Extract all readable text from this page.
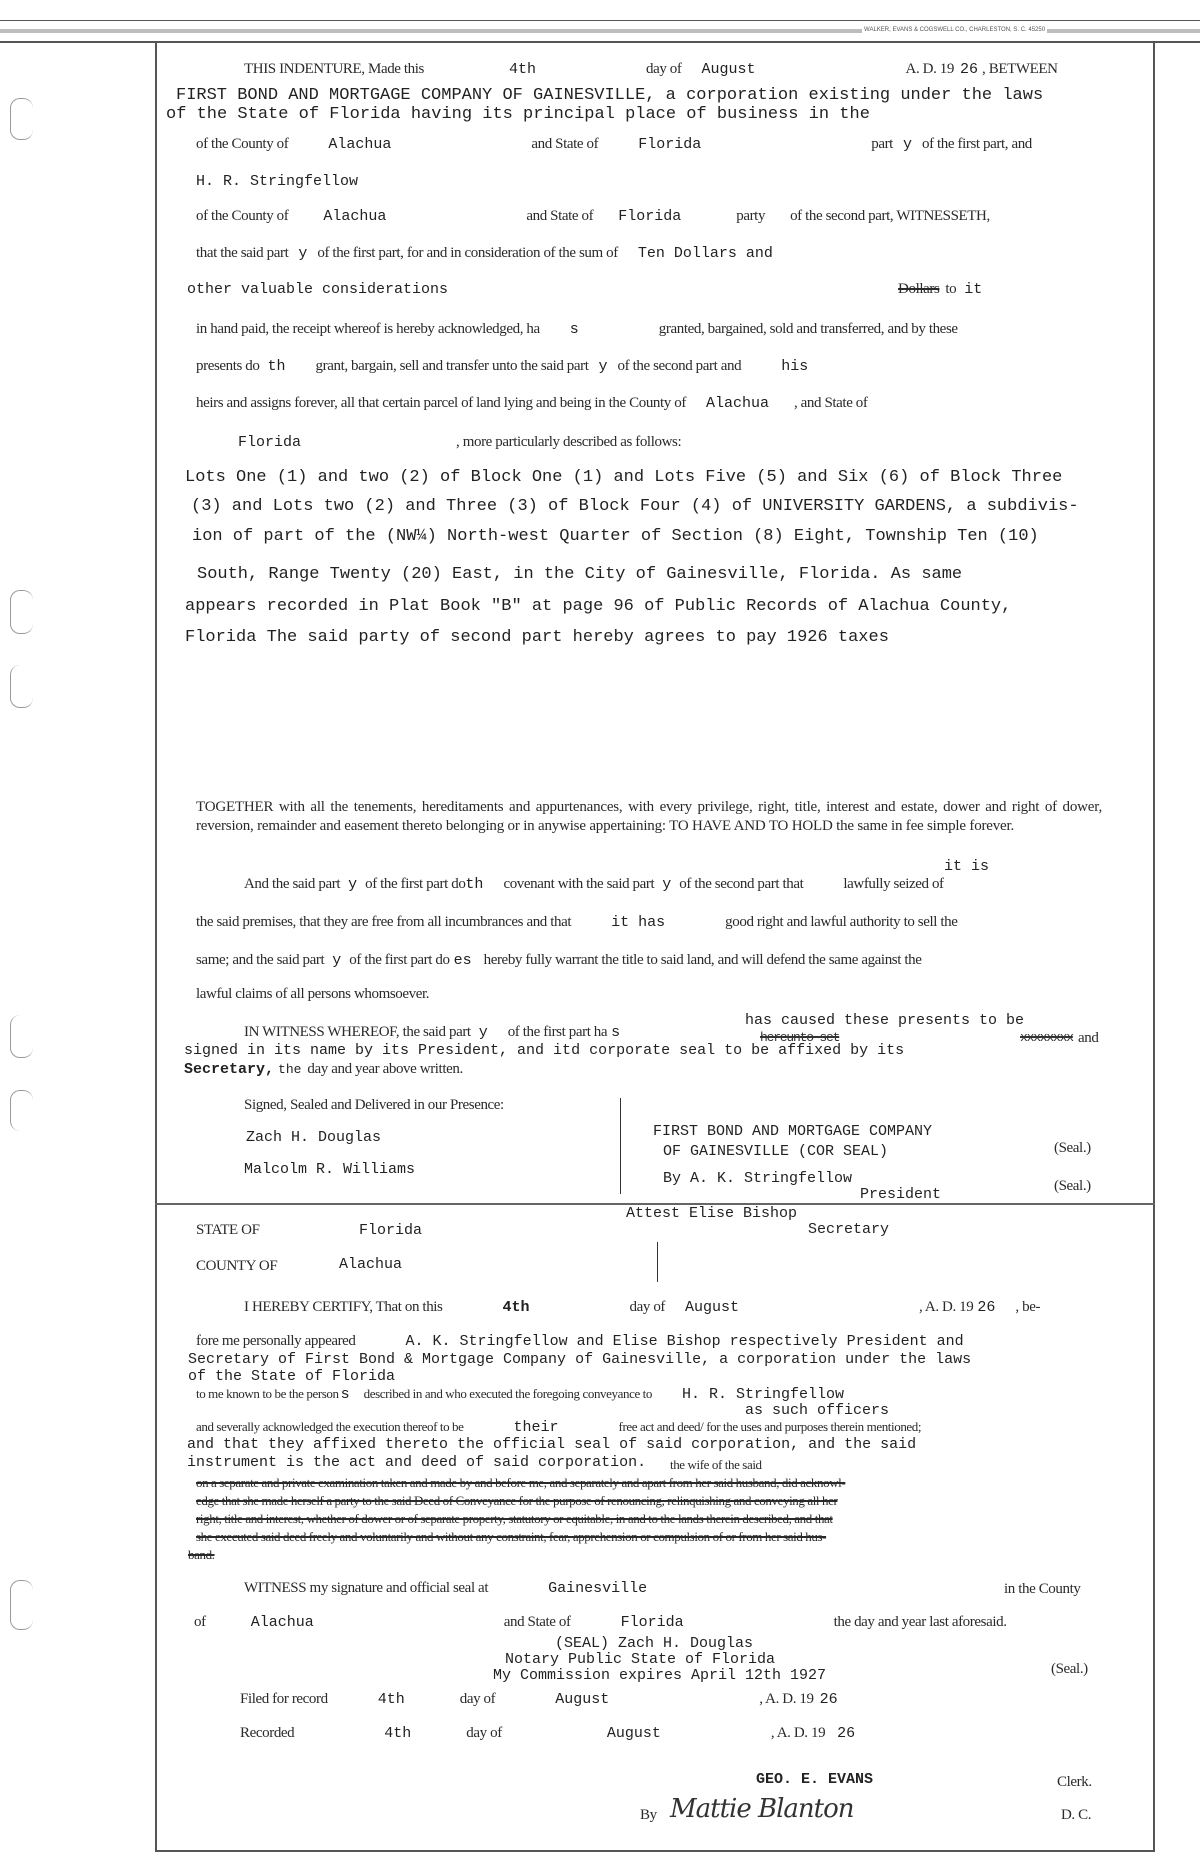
WALKER, EVANS & COGSWELL CO., CHARLESTON, S. C. 45250
THIS INDENTURE, Made this	4th	day of August	A. D. 19 26 , BETWEEN
FIRST BOND AND MORTGAGE COMPANY OF GAINESVILLE, a corporation existing under the laws
of the State of Florida having its principal place of business in the
of the County of	Alachua	and State of	Florida	part y of the first part, and
H. R. Stringfellow
of the County of Alachua	and State of Florida	party of the second part, WITNESSETH,
that the said part y of the first part, for and in consideration of the sum of Ten Dollars and
other valuable considerations	Dollars to it
in hand paid, the receipt whereof is hereby acknowledged, ha s	granted, bargained, sold and transferred, and by these
presents do th grant, bargain, sell and transfer unto the said part y of the second part and	his
heirs and assigns forever, all that certain parcel of land lying and being in the County of Alachua , and State of
Florida	, more particularly described as follows:
Lots One (1) and two (2) of Block One (1) and Lots Five (5) and Six (6) of Block Three
(3) and Lots two (2) and Three (3) of Block Four (4) of UNIVERSITY GARDENS, a subdivis-
ion of part of the (NW¼) North-west Quarter of Section (8) Eight, Township Ten (10)
South, Range Twenty (20) East, in the City of Gainesville, Florida. As same
appears recorded in Plat Book "B" at page 96 of Public Records of Alachua County,
Florida The said party of second part hereby agrees to pay 1926 taxes
TOGETHER with all the tenements, hereditaments and appurtenances, with every privilege, right, title, interest and estate, dower and right of dower, reversion, remainder and easement thereto belonging or in anywise appertaining: TO HAVE AND TO HOLD the same in fee simple forever.
it is
And the said part y of the first part do th covenant with the said part y of the second part that	lawfully seized of
the said premises, that they are free from all incumbrances and that	it has	good right and lawful authority to sell the
same; and the said part y of the first part do es hereby fully warrant the title to said land, and will defend the same against the
lawful claims of all persons whomsoever.
has caused these presents to be
IN WITNESS WHEREOF, the said part y of the first part ha s	hereunto set	xxxxxxxx and
signed in its name by its President, and itd corporate seal to be affixed by its
Secretary, the day and year above written.
Signed, Sealed and Delivered in our Presence:
Zach H. Douglas
Malcolm R. Williams
FIRST BOND AND MORTGAGE COMPANY
OF GAINESVILLE (COR SEAL)	(Seal.)
By A. K. Stringfellow
President	(Seal.)
Attest Elise Bishop
Secretary
STATE OF	Florida
COUNTY OF	Alachua
I HEREBY CERTIFY, That on this	4th	day of August	, A. D. 19 26 , be-
fore me personally appeared	A. K. Stringfellow and Elise Bishop respectively President and
Secretary of First Bond & Mortgage Company of Gainesville, a corporation under the laws
of the State of Florida
to me known to be the person s described in and who executed the foregoing conveyance to H. R. Stringfellow
as such officers
and severally acknowledged the execution thereof to be	their	free act and deed/ for the uses and purposes therein mentioned;
and that they affixed thereto the official seal of said corporation, and the said
instrument is the act and deed of said corporation. the wife of the said
on a separate and private examination taken and made by and before me, and separately and apart from her said husband, did acknowl-
edge that she made herself a party to the said Deed of Conveyance for the purpose of renouncing, relinquishing and conveying all her
right, title and interest, whether of dower or of separate property, statutory or equitable, in and to the lands therein described, and that
she executed said deed freely and voluntarily and without any constraint, fear, apprehension or compulsion of or from her said hus-
band.
WITNESS my signature and official seal at	Gainesville	in the County
of	Alachua	and State of	Florida	the day and year last aforesaid.
(SEAL) Zach H. Douglas
Notary Public State of Florida
My Commission expires April 12th 1927	(Seal.)
Filed for record	4th	day of	August	, A. D. 19 26
Recorded	4th	day of	August	, A. D. 19 26
GEO. E. EVANS	Clerk.
By Mattie Blanton	D. C.
